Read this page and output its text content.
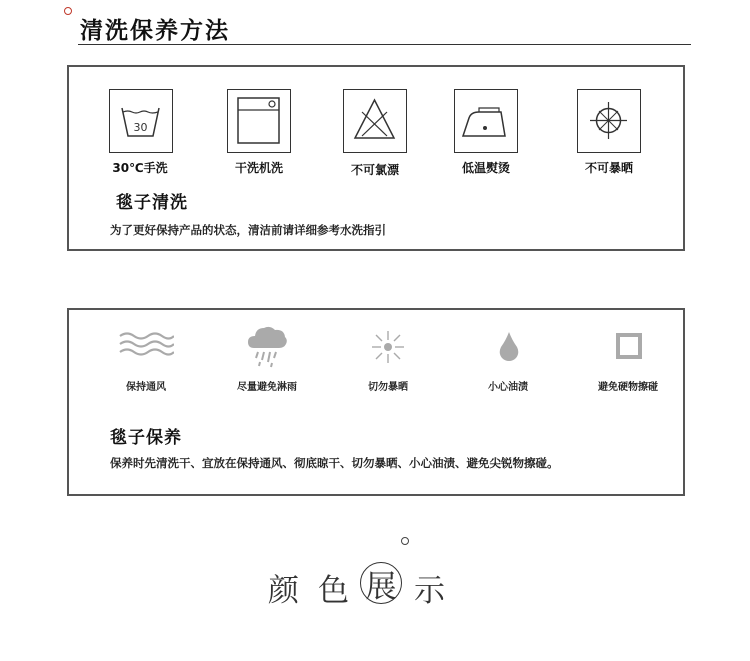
清洗保养方法
30
30℃手洗	干洗机洗	不可氯漂	低温熨烫	不可暴晒
毯子清洗
为了更好保持产品的状态，清洁前请详细参考水洗指引
保持通风	尽量避免淋雨	切勿暴晒	小心油渍	避免硬物擦碰
毯子保养
保养时先清洗干、宜放在保持通风、彻底晾干、切勿暴晒、小心油渍、避免尖锐物擦碰。
颜 色 展 示
